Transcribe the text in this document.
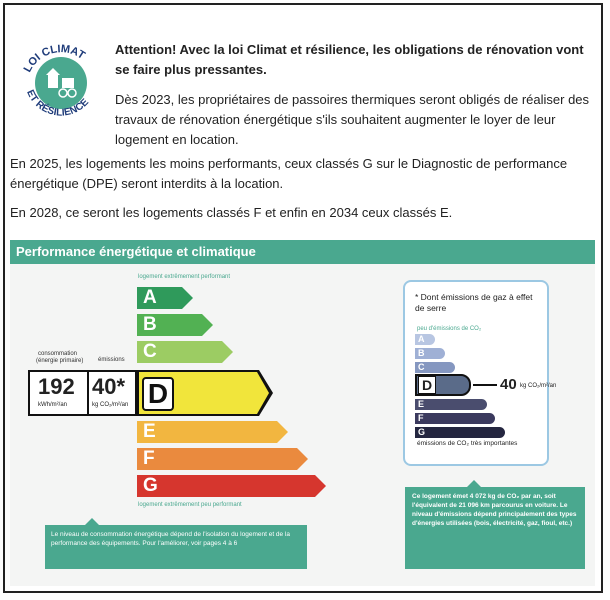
LOI CLIMAT
ET RÉSILIENCE
Attention! Avec la loi Climat et résilience, les obligations de rénovation vont se faire plus pressantes.
Dès 2023, les propriétaires de passoires thermiques seront obligés de réaliser des travaux de rénovation énergétique s'ils souhaitent augmenter le loyer de leur logement en location.
En 2025, les logements les moins performants, ceux classés G sur le Diagnostic de performance énergétique (DPE) seront interdits à la location.
En 2028, ce seront les logements classés F et enfin en 2034 ceux classés E.
Performance énergétique et climatique
logement extrêmement performant
logement extrêmement peu performant
A
B
C
D
E
F
G
consommation
(énergie primaire) émissions
192
kWh/m²/an
40*
kg CO₂/m²/an
Le niveau de consommation énergétique dépend de l'isolation du logement et de la performance des équipements. Pour l'améliorer, voir pages 4 à 6
* Dont émissions de gaz à effet de serre
peu d'émissions de CO₂
émissions de CO₂ très importantes
A
B
C
D	40 kg CO₂/m²/an
E
F
G
Ce logement émet 4 072 kg de CO₂ par an, soit l'équivalent de 21 096 km parcourus en voiture. Le niveau d'émissions dépend principalement des types d'énergies utilisées (bois, électricité, gaz, fioul, etc.)
